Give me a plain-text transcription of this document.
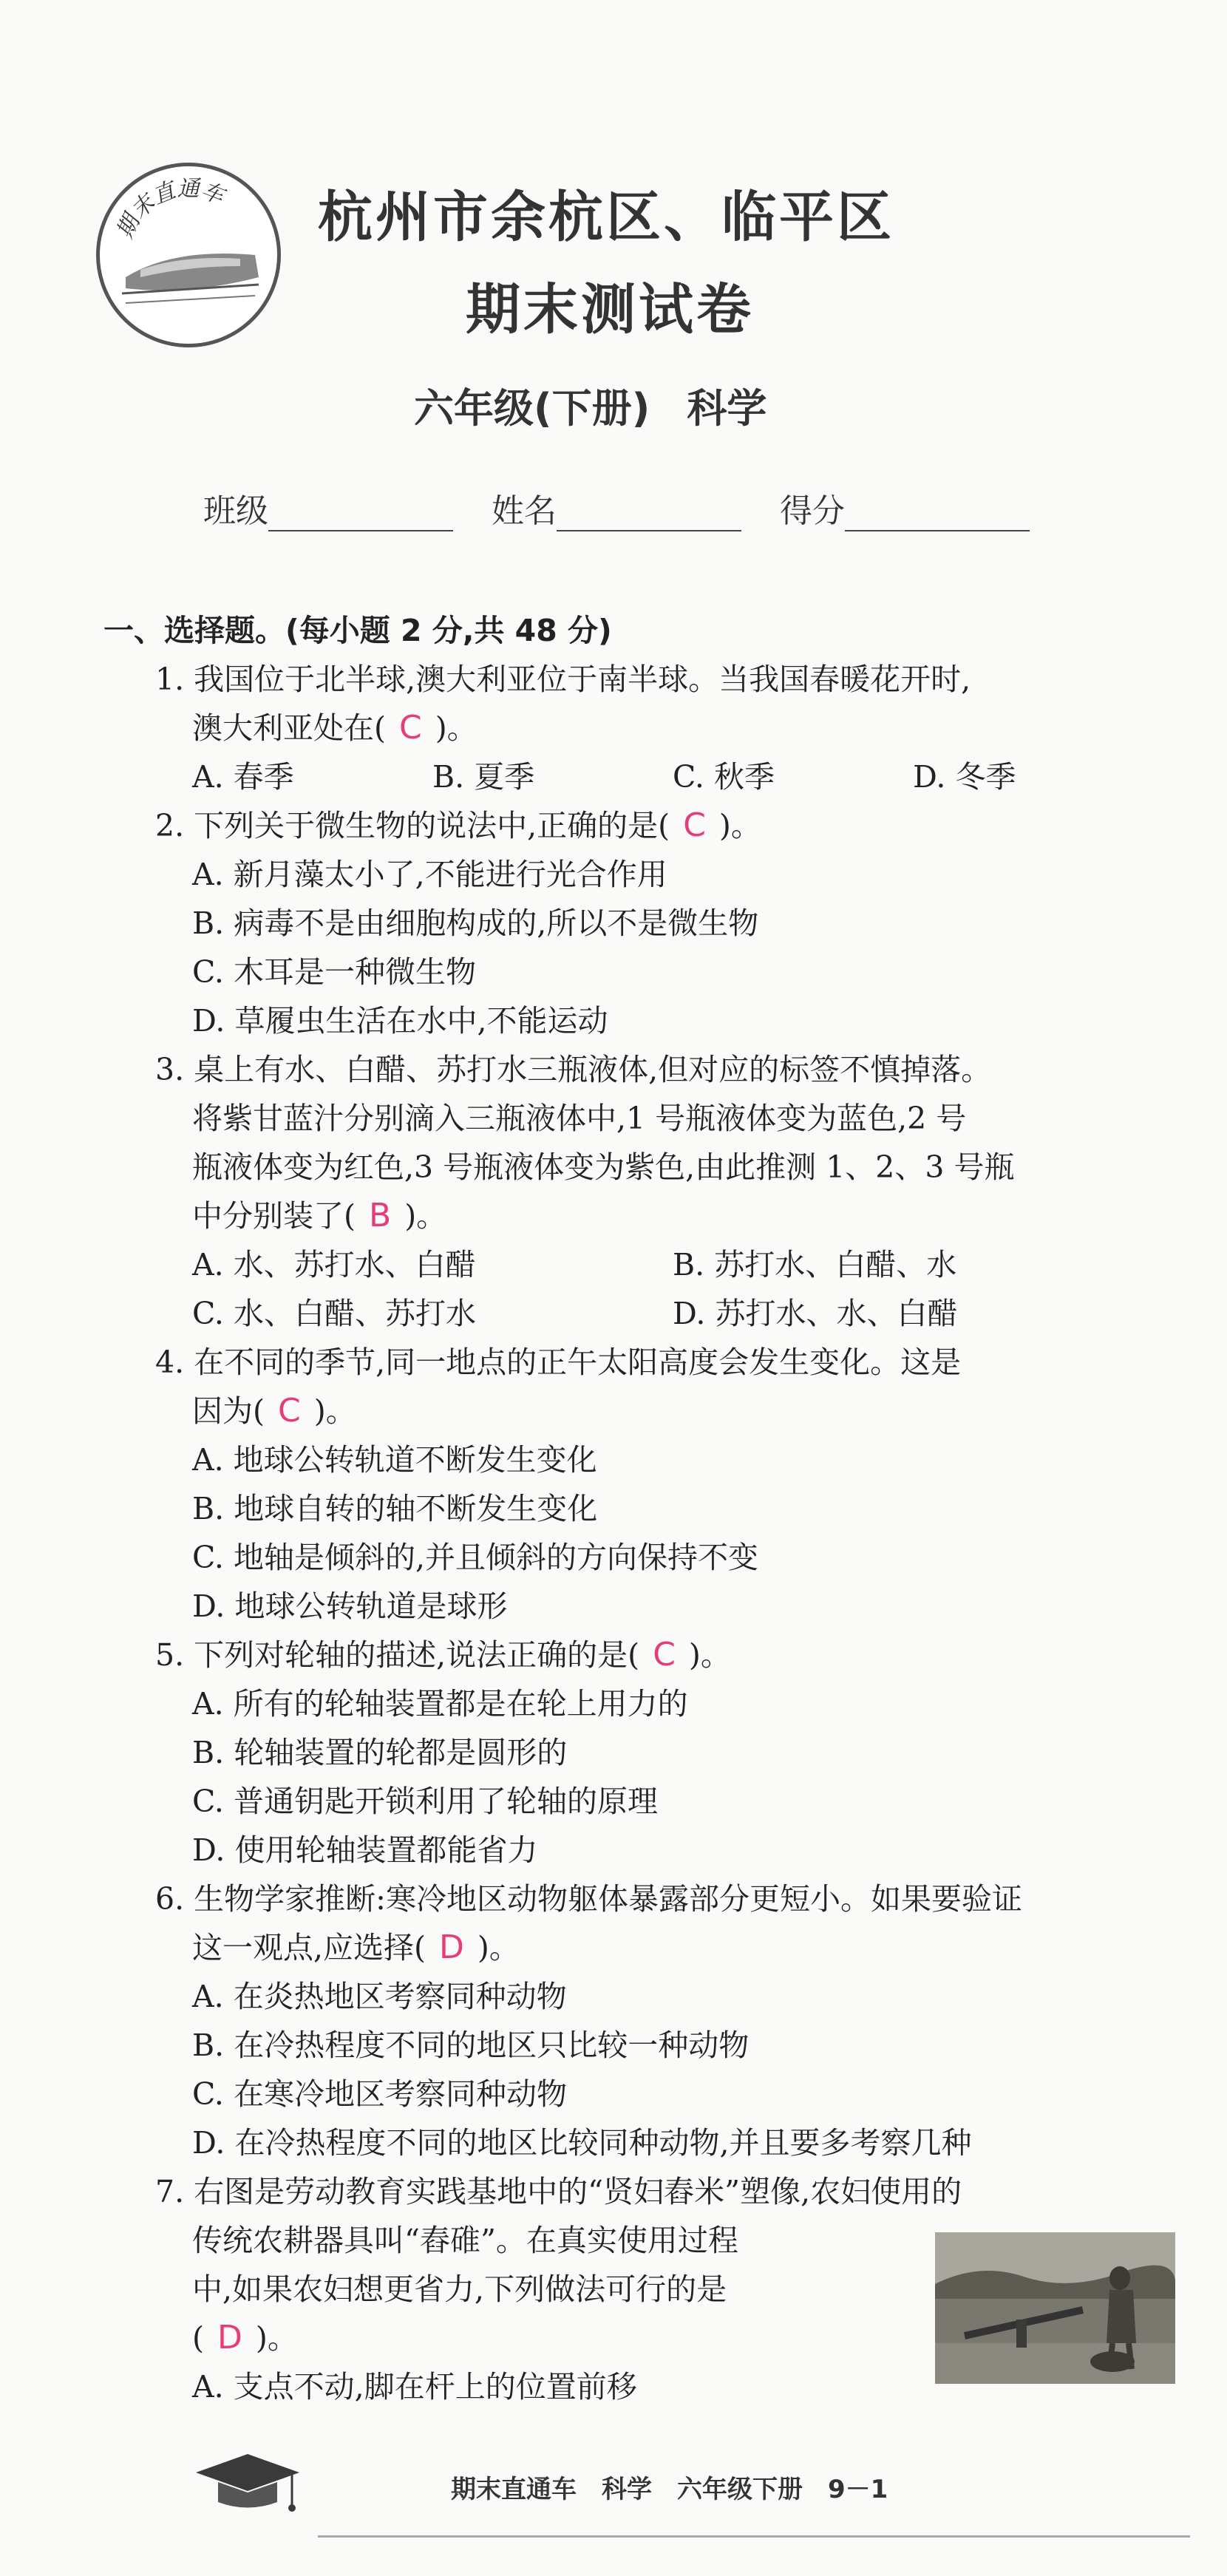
期末直通车 杭州市余杭区、临平区
期末测试卷
六年级(下册) 科学
班级	姓名	得分
一、选择题。(每小题 2 分,共 48 分)
1. 我国位于北半球,澳大利亚位于南半球。当我国春暖花开时,
澳大利亚处在( C )。
A. 春季	B. 夏季	C. 秋季	D. 冬季
2. 下列关于微生物的说法中,正确的是( C )。
A. 新月藻太小了,不能进行光合作用
B. 病毒不是由细胞构成的,所以不是微生物
C. 木耳是一种微生物
D. 草履虫生活在水中,不能运动
3. 桌上有水、白醋、苏打水三瓶液体,但对应的标签不慎掉落。
将紫甘蓝汁分别滴入三瓶液体中,1 号瓶液体变为蓝色,2 号
瓶液体变为红色,3 号瓶液体变为紫色,由此推测 1、2、3 号瓶
中分别装了( B )。
A. 水、苏打水、白醋	B. 苏打水、白醋、水
C. 水、白醋、苏打水	D. 苏打水、水、白醋
4. 在不同的季节,同一地点的正午太阳高度会发生变化。这是
因为( C )。
A. 地球公转轨道不断发生变化
B. 地球自转的轴不断发生变化
C. 地轴是倾斜的,并且倾斜的方向保持不变
D. 地球公转轨道是球形
5. 下列对轮轴的描述,说法正确的是( C )。
A. 所有的轮轴装置都是在轮上用力的
B. 轮轴装置的轮都是圆形的
C. 普通钥匙开锁利用了轮轴的原理
D. 使用轮轴装置都能省力
6. 生物学家推断:寒冷地区动物躯体暴露部分更短小。如果要验证
这一观点,应选择( D )。
A. 在炎热地区考察同种动物
B. 在冷热程度不同的地区只比较一种动物
C. 在寒冷地区考察同种动物
D. 在冷热程度不同的地区比较同种动物,并且要多考察几种
7. 右图是劳动教育实践基地中的“贤妇舂米”塑像,农妇使用的
传统农耕器具叫“舂碓”。在真实使用过程
中,如果农妇想更省力,下列做法可行的是
( D )。
A. 支点不动,脚在杆上的位置前移
期末直通车 科学 六年级下册 9－1
